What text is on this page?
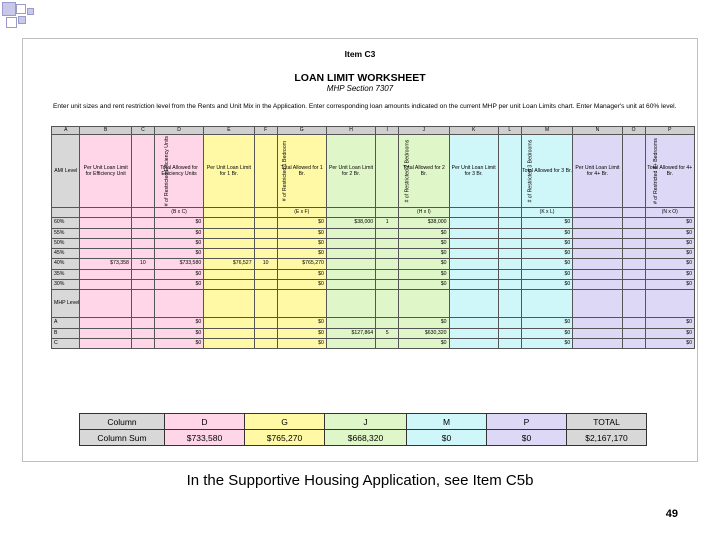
Item C3
LOAN LIMIT WORKSHEET
MHP Section 7307
Enter unit sizes and rent restriction level from the Rents and Unit Mix in the Application. Enter corresponding loan amounts indicated on the current MHP per unit Loan Limits chart. Enter Manager's unit at 60% level.
A	B	C	D	E	F	G	H	I	J	K	L	M	N	O	P
AMI Level	Per Unit Loan Limit for Efficiency Unit	# of Restricted Efficiency Units	Total Allowed for Efficiency Units	Per Unit Loan Limit for 1 Br.	# of Restricted 1 Bedroom	Total Allowed for 1 Br.	Per Unit Loan Limit for 2 Br.	# of Restricted 2 Bedrooms	Total Allowed for 2 Br.	Per Unit Loan Limit for 3 Br.	# of Restricted 3 Bedrooms	Total Allowed for 3 Br.	Per Unit Loan Limit for 4+ Br.	# of Restricted 4+ Bedrooms	Total Allowed for 4+ Br.
			(B x C)			(E x F)			(H x I)			(K x L)			(N x O)
60%			$0			$0	$38,000	1	$38,000			$0			$0
55%			$0			$0			$0			$0			$0
50%			$0			$0			$0			$0			$0
45%			$0			$0			$0			$0			$0
40%	$73,358	10	$733,580	$76,527	10	$765,270			$0			$0			$0
35%			$0			$0			$0			$0			$0
30%			$0			$0			$0			$0			$0
MHP Level															
A			$0			$0			$0			$0			$0
B			$0			$0	$127,864	5	$630,320			$0			$0
C			$0			$0			$0			$0			$0
Column	D	G	J	M	P	TOTAL
Column Sum	$733,580	$765,270	$668,320	$0	$0	$2,167,170
In the Supportive Housing Application, see Item C5b
49
